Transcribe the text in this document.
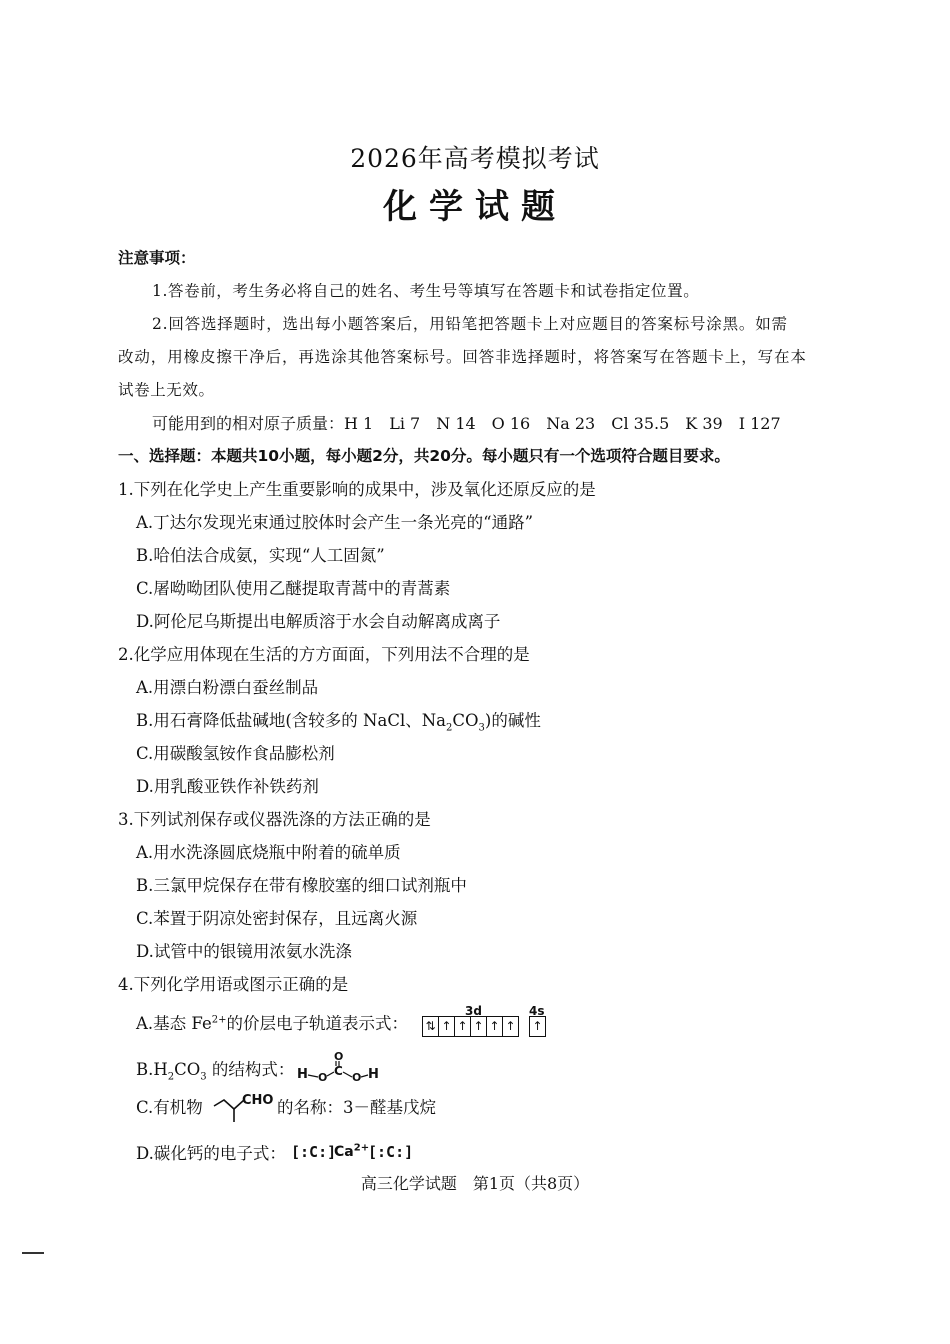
2026年高考模拟考试
化学试题
注意事项：
1.答卷前，考生务必将自己的姓名、考生号等填写在答题卡和试卷指定位置。
2.回答选择题时，选出每小题答案后，用铅笔把答题卡上对应题目的答案标号涂黑。如需
改动，用橡皮擦干净后，再选涂其他答案标号。回答非选择题时，将答案写在答题卡上，写在本
试卷上无效。
可能用到的相对原子质量：H 1　Li 7　N 14　O 16　Na 23　Cl 35.5　K 39　I 127
一、选择题：本题共10小题，每小题2分，共20分。每小题只有一个选项符合题目要求。
1.下列在化学史上产生重要影响的成果中，涉及氧化还原反应的是
A.丁达尔发现光束通过胶体时会产生一条光亮的“通路”
B.哈伯法合成氨，实现“人工固氮”
C.屠呦呦团队使用乙醚提取青蒿中的青蒿素
D.阿伦尼乌斯提出电解质溶于水会自动解离成离子
2.化学应用体现在生活的方方面面，下列用法不合理的是
A.用漂白粉漂白蚕丝制品
B.用石膏降低盐碱地(含较多的 NaCl、$Na_2CO_3$)的碱性
C.用碳酸氢铵作食品膨松剂
D.用乳酸亚铁作补铁药剂
3.下列试剂保存或仪器洗涤的方法正确的是
A.用水洗涤圆底烧瓶中附着的硫单质
B.三氯甲烷保存在带有橡胶塞的细口试剂瓶中
C.苯置于阴凉处密封保存，且远离火源
D.试管中的银镜用浓氨水洗涤
4.下列化学用语或图示正确的是
A.基态 $Fe^{2+}$的价层电子轨道表示式：
3d	4s
⇅ ↑ ↑ ↑ ↑ ↑ ↑
$B.H_2CO_3$ 的结构式： H O C
O
O H
C.有机物	CHO 的名称：3－醛基戊烷
D.碳化钙的电子式： [:C:]
$Ca^{2+}$
[:C:]
高三化学试题　第1页（共8页）
